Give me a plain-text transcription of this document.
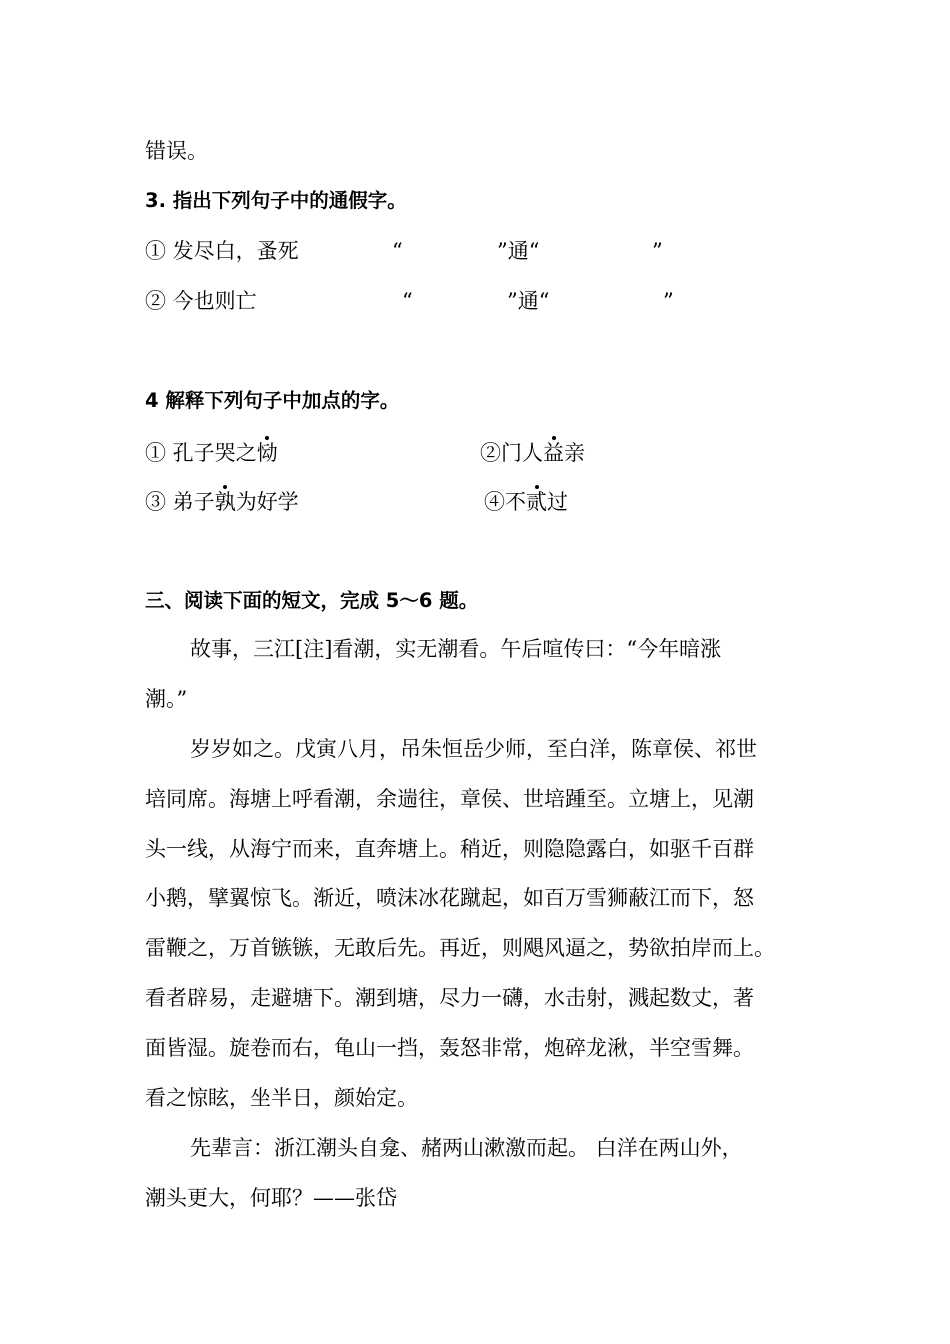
错误。
3. 指出下列句子中的通假字。
① 发尽白，蚤死	“	”通“	”
② 今也则亡	“	”通“	”
4 解释下列句子中加点的字。
① 孔子哭之恸	②门人益亲
③ 弟子孰为好学	④不贰过
三、阅读下面的短文，完成 5～6 题。
故事，三江[注]看潮，实无潮看。午后喧传曰：“今年暗涨
潮。”
岁岁如之。戊寅八月，吊朱恒岳少师，至白洋，陈章侯、祁世
培同席。海塘上呼看潮，余遄往，章侯、世培踵至。立塘上，见潮
头一线，从海宁而来，直奔塘上。稍近，则隐隐露白，如驱千百群
小鹅，擘翼惊飞。渐近，喷沫冰花蹴起，如百万雪狮蔽江而下，怒
雷鞭之，万首镞镞，无敢后先。再近，则飓风逼之，势欲拍岸而上。
看者辟易，走避塘下。潮到塘，尽力一礴，水击射，溅起数丈，著
面皆湿。旋卷而右，龟山一挡，轰怒非常，炮碎龙湫，半空雪舞。
看之惊眩，坐半日，颜始定。
先辈言：浙江潮头自龛、赭两山漱激而起。 白洋在两山外，
潮头更大，何耶？——张岱
